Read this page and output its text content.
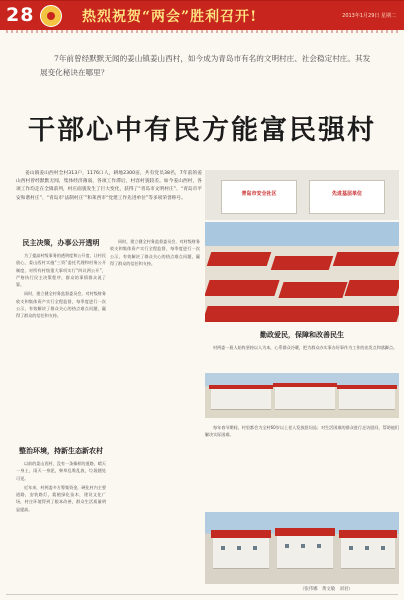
28	热烈祝贺“两会”胜利召开!	2013年1月29日 星期二
7年前曾经默默无闻的姜山镇姜山西村，如今成为青岛市有名的文明村庄、社会稳定村庄。其发展变化秘诀在哪里？
干部心中有民方能富民强村
姜山镇姜山西村全村313户，1176口人，耕地2300亩，共有党员38名，7年前的姜山西村曾经默默无闻，集体经济薄弱，各项工作滞后，村容村貌较差。如今姜山西村，各项工作均走在全镇前列，村庄面貌发生了巨大变化，获得了“青岛市文明村庄”、“青岛市平安和谐村庄”、“青岛市‘法制村庄’”和莱西市“党建工作先进单位”等多项荣誉称号。
青岛市安全社区	先进基层单位
民主决策，办事公开透明

为了提高村级事务的透明度和公开度，让村民放心，姜山西村实施“三资”委托代理和村务公开制度，对所有村级重大事项实行“四议两公开”，严格执行民主决策程序，群众的事情群众说了算。

同时，建立健全村务监督委员会，对村级财务收支和集体资产实行全程监督，每季度进行一次公示，有效解决了群众关心的热点难点问题，赢得了群众的信任和支持。

整治环境，持新生态新农村

以前的姜山西村，没有一条像样的道路，晴天一身土，雨天一身泥，柴草乱堆乱放，垃圾随处可见。

近年来，村两委多方筹集资金，硬化村内主要道路，安装路灯，栽植绿化苗木，建设文化广场，村庄环境得到了根本改善，群众生活质量明显提高。

同时，建立健全村务监督委员会，对村级财务收支和集体资产实行全程监督，每季度进行一次公示，有效解决了群众关心的热点难点问题，赢得了群众的信任和支持。

勤政爱民，保障和改善民生

村两委一班人始终坚持以人为本，心系群众冷暖，把为群众办实事办好事作为工作的出发点和落脚点。

每年春节期间，村里都会为全村60岁以上老人发放慰问品；对生活困难的群众进行走访慰问，帮助他们解决实际困难。

（张伟娜　黄文敏　刘君）
